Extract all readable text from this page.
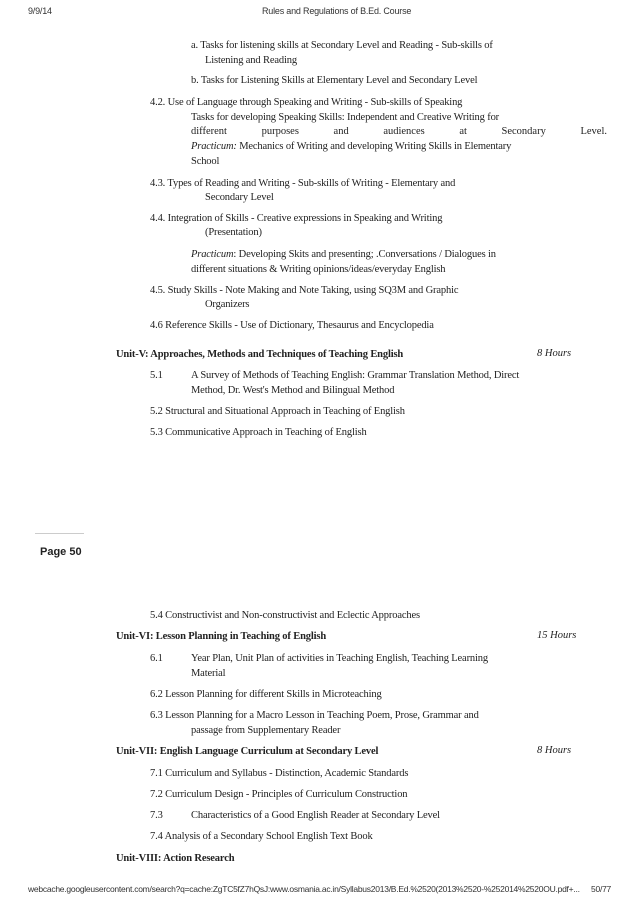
9/9/14	Rules and Regulations of B.Ed. Course
a. Tasks for listening skills at Secondary Level and Reading - Sub-skills of
Listening and Reading
b. Tasks for Listening Skills at Elementary Level and Secondary Level
4.2. Use of Language through Speaking and Writing - Sub-skills of Speaking
Tasks for developing Speaking Skills: Independent and Creative Writing for
different	purposes	and	audiences	at	Secondary	Level.
Practicum: Mechanics of Writing and developing Writing Skills in Elementary
School
4.3. Types of Reading and Writing - Sub-skills of Writing - Elementary and
Secondary Level
4.4. Integration of Skills - Creative expressions in Speaking and Writing
(Presentation)
Practicum: Developing Skits and presenting; .Conversations / Dialogues in
different situations & Writing opinions/ideas/everyday English
4.5. Study Skills - Note Making and Note Taking, using SQ3M and Graphic
Organizers
4.6 Reference Skills - Use of Dictionary, Thesaurus and Encyclopedia
Unit-V: Approaches, Methods and Techniques of Teaching English	8 Hours
5.1	A Survey of Methods of Teaching English: Grammar Translation Method, Direct
Method, Dr. West's Method and Bilingual Method
5.2 Structural and Situational Approach in Teaching of English
5.3 Communicative Approach in Teaching of English
Page 50
5.4 Constructivist and Non-constructivist and Eclectic Approaches
Unit-VI: Lesson Planning in Teaching of English	15 Hours
6.1	Year Plan, Unit Plan of activities in Teaching English, Teaching Learning
Material
6.2 Lesson Planning for different Skills in Microteaching
6.3 Lesson Planning for a Macro Lesson in Teaching Poem, Prose, Grammar and
passage from Supplementary Reader
Unit-VII: English Language Curriculum at Secondary Level	8 Hours
7.1 Curriculum and Syllabus - Distinction, Academic Standards
7.2 Curriculum Design - Principles of Curriculum Construction
7.3	Characteristics of a Good English Reader at Secondary Level
7.4 Analysis of a Secondary School English Text Book
Unit-VIII: Action Research
webcache.googleusercontent.com/search?q=cache:ZgTC5fZ7hQsJ:www.osmania.ac.in/Syllabus2013/B.Ed.%2520(2013%2520-%252014%2520OU.pdf+... 50/77
